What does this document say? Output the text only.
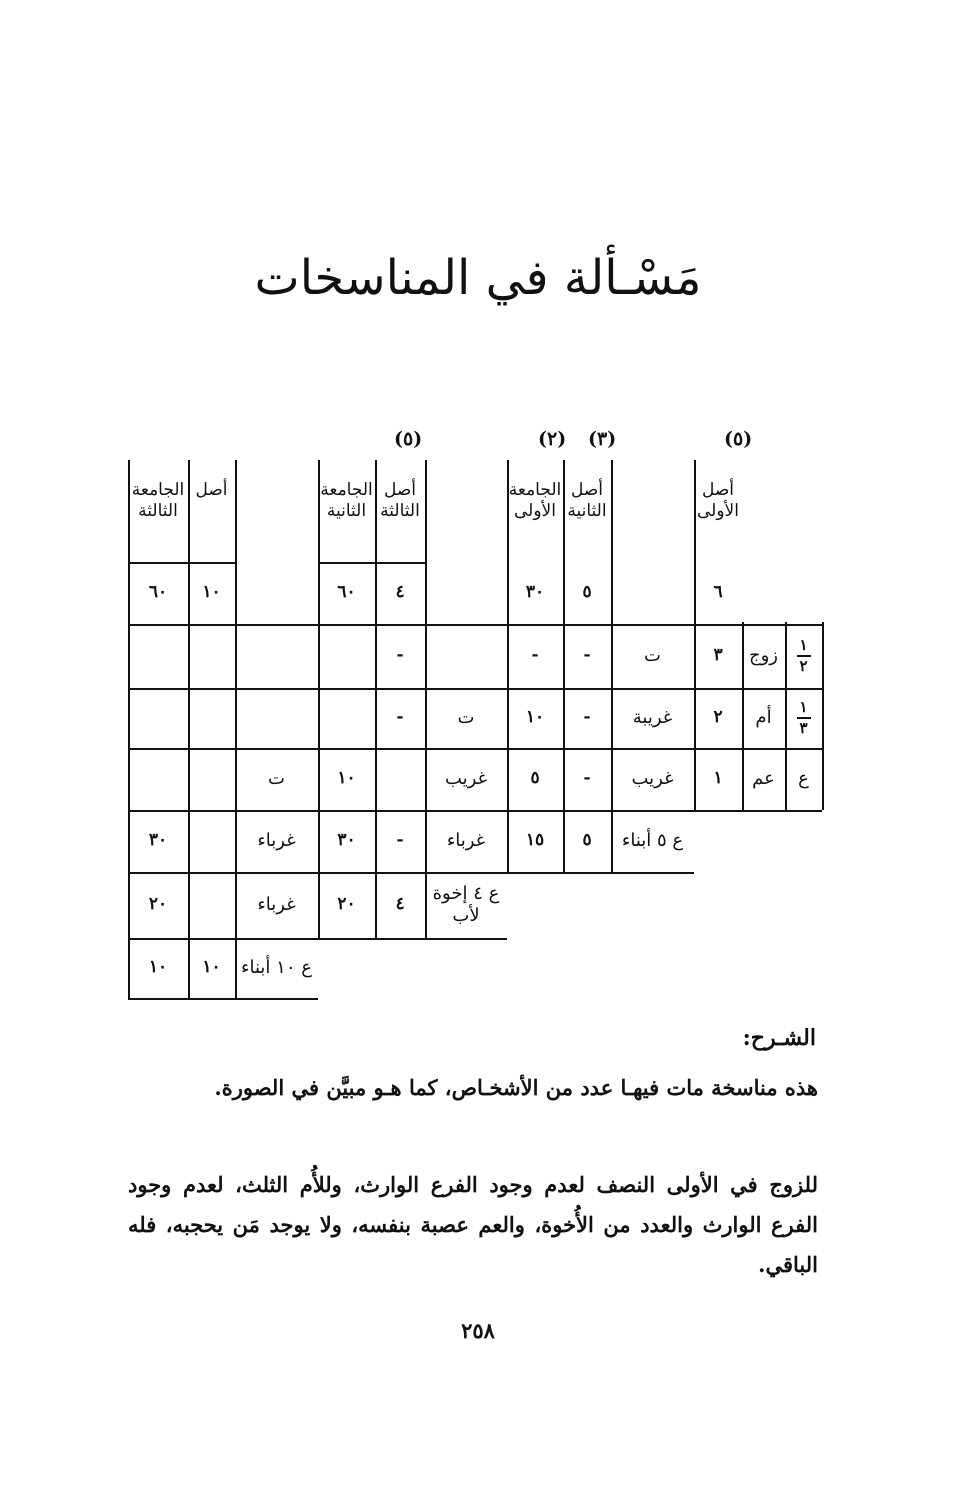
مَسْـألة في المناسخات
(٥)
(٣)
(٢)
(٥)
أصل الأولى
الجامعة الأولى
أصل الثانية
الجامعة الثانية
أصل الثالثة
الجامعة الثالثة
أصل
٦
٥
٣٠
٤
٦٠
١٠
٦٠
$\frac{١}{٢}$
زوج
٣
ت
-
-
-
$\frac{١}{٣}$
أم
٢
غريبة
-
١٠
ت
-
ع
عم
١
غريب
-
٥
غريب
١٠
ت
ع ٥ أبناء
٥
١٥
غرباء
-
٣٠
غرباء
٣٠
ع ٤ إخوة لأب
٤
٢٠
غرباء
٢٠
ع ١٠ أبناء
١٠
١٠
الشـرح:
هذه مناسخة مات فيهـا عدد من الأشخـاص، كما هـو مبيَّن في الصورة.
للزوج في الأولى النصف لعدم وجود الفرع الوارث، وللأُم الثلث، لعدم وجود الفرع الوارث والعدد من الأُخوة، والعم عصبة بنفسه، ولا يوجد مَن يحجبه، فله الباقي.
٢٥٨
